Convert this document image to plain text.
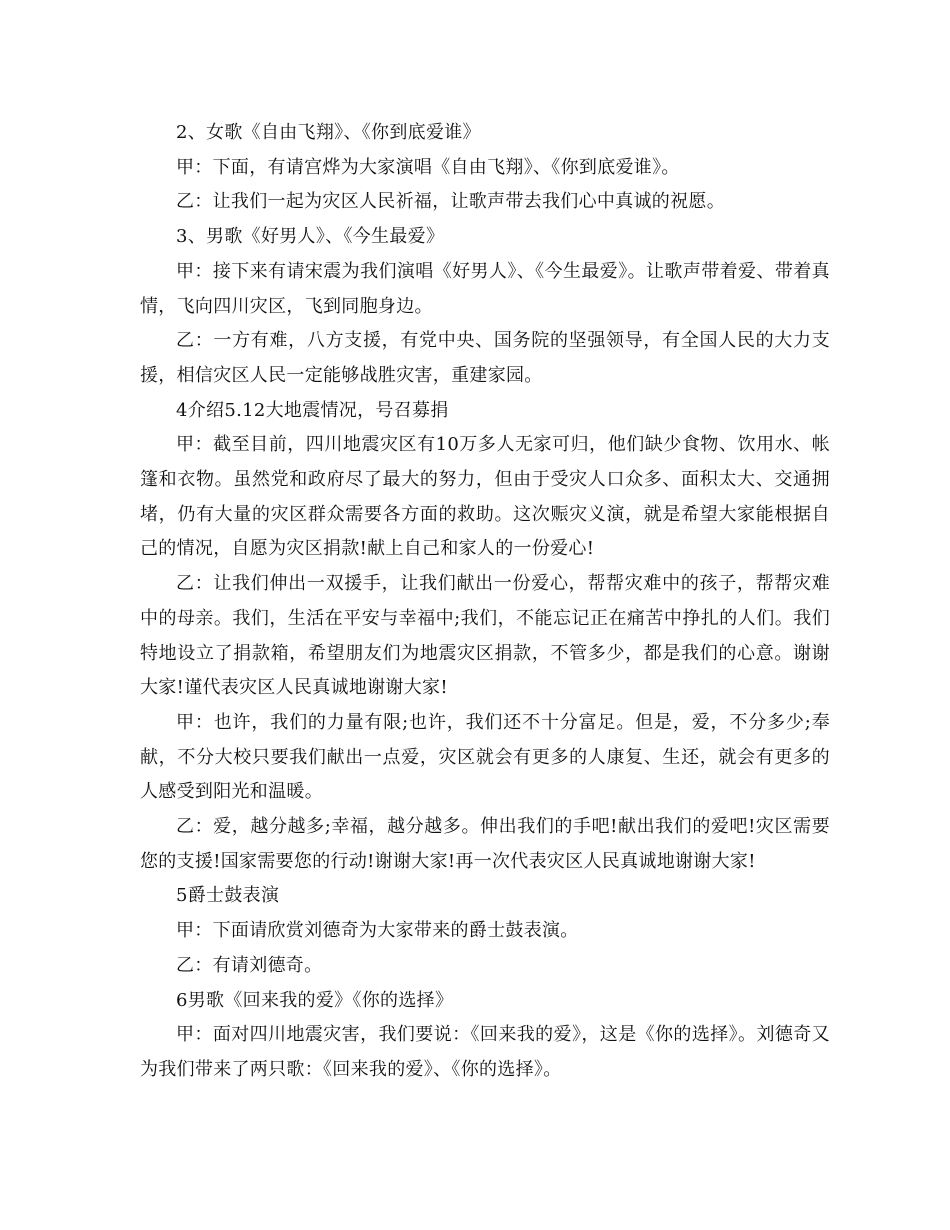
2、女歌《自由飞翔》、《你到底爱谁》

甲：下面，有请宫烨为大家演唱《自由飞翔》、《你到底爱谁》。

乙：让我们一起为灾区人民祈福，让歌声带去我们心中真诚的祝愿。

3、男歌《好男人》、《今生最爱》

甲：接下来有请宋震为我们演唱《好男人》、《今生最爱》。让歌声带着爱、带着真情，飞向四川灾区，飞到同胞身边。

乙：一方有难，八方支援，有党中央、国务院的坚强领导，有全国人民的大力支援，相信灾区人民一定能够战胜灾害，重建家园。

4介绍5.12大地震情况，号召募捐

甲：截至目前，四川地震灾区有10万多人无家可归，他们缺少食物、饮用水、帐篷和衣物。虽然党和政府尽了最大的努力，但由于受灾人口众多、面积太大、交通拥堵，仍有大量的灾区群众需要各方面的救助。这次赈灾义演，就是希望大家能根据自己的情况，自愿为灾区捐款!献上自己和家人的一份爱心!

乙：让我们伸出一双援手，让我们献出一份爱心，帮帮灾难中的孩子，帮帮灾难中的母亲。我们，生活在平安与幸福中;我们，不能忘记正在痛苦中挣扎的人们。我们特地设立了捐款箱，希望朋友们为地震灾区捐款，不管多少，都是我们的心意。谢谢大家!谨代表灾区人民真诚地谢谢大家!

甲：也许，我们的力量有限;也许，我们还不十分富足。但是，爱，不分多少;奉献，不分大校只要我们献出一点爱，灾区就会有更多的人康复、生还，就会有更多的人感受到阳光和温暖。

乙：爱，越分越多;幸福，越分越多。伸出我们的手吧!献出我们的爱吧!灾区需要您的支援!国家需要您的行动!谢谢大家!再一次代表灾区人民真诚地谢谢大家!

5爵士鼓表演

甲：下面请欣赏刘德奇为大家带来的爵士鼓表演。

乙：有请刘德奇。

6男歌《回来我的爱》《你的选择》

甲：面对四川地震灾害，我们要说：《回来我的爱》，这是《你的选择》。刘德奇又为我们带来了两只歌：《回来我的爱》、《你的选择》。
